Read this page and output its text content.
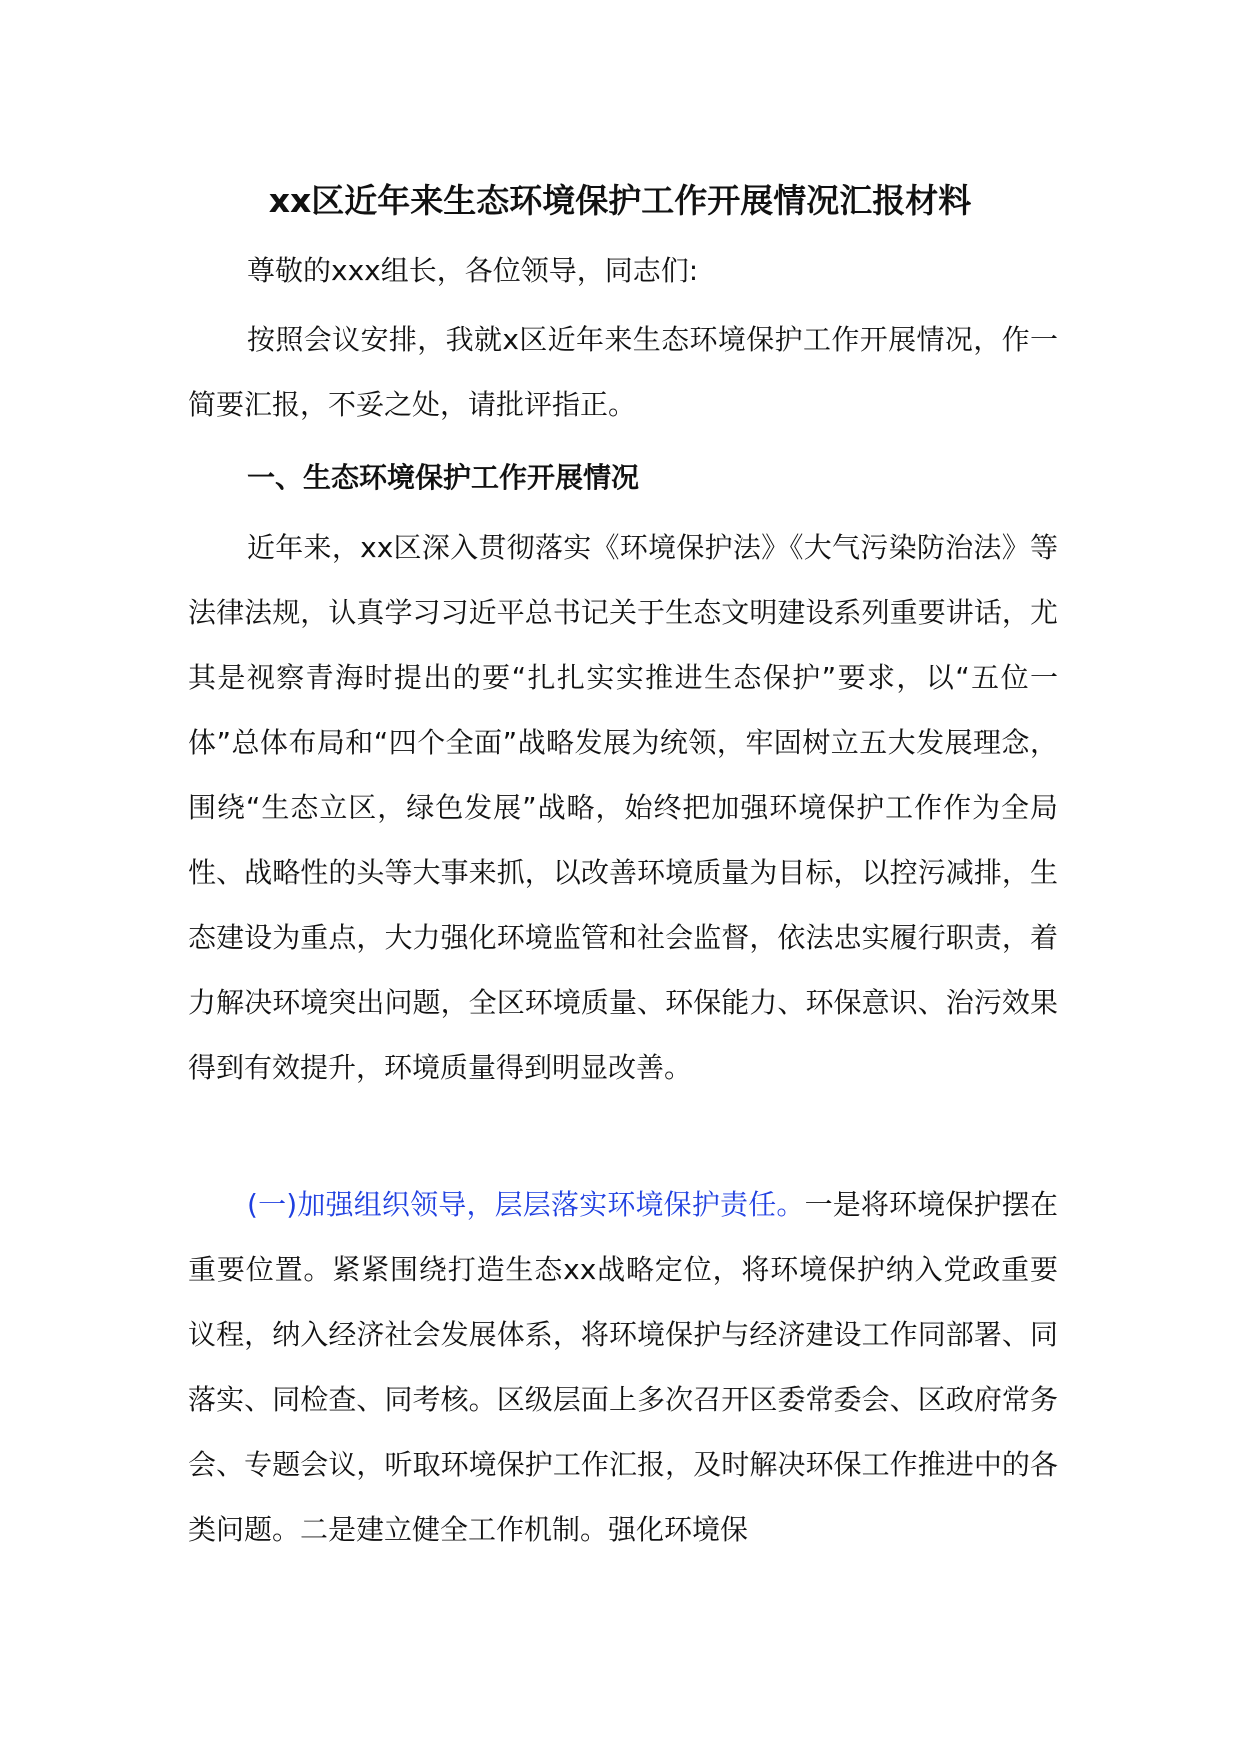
xx区近年来生态环境保护工作开展情况汇报材料

尊敬的xxx组长，各位领导，同志们:

按照会议安排，我就x区近年来生态环境保护工作开展情况，作一简要汇报，不妥之处，请批评指正。

一、生态环境保护工作开展情况

近年来，xx区深入贯彻落实《环境保护法》《大气污染防治法》等法律法规，认真学习习近平总书记关于生态文明建设系列重要讲话，尤其是视察青海时提出的要“扎扎实实推进生态保护”要求，以“五位一体”总体布局和“四个全面”战略发展为统领，牢固树立五大发展理念，围绕“生态立区，绿色发展”战略，始终把加强环境保护工作作为全局性、战略性的头等大事来抓，以改善环境质量为目标，以控污减排，生态建设为重点，大力强化环境监管和社会监督，依法忠实履行职责，着力解决环境突出问题，全区环境质量、环保能力、环保意识、治污效果得到有效提升，环境质量得到明显改善。

(一)加强组织领导，层层落实环境保护责任。一是将环境保护摆在重要位置。紧紧围绕打造生态xx战略定位，将环境保护纳入党政重要议程，纳入经济社会发展体系，将环境保护与经济建设工作同部署、同落实、同检查、同考核。区级层面上多次召开区委常委会、区政府常务会、专题会议，听取环境保护工作汇报，及时解决环保工作推进中的各类问题。二是建立健全工作机制。强化环境保
